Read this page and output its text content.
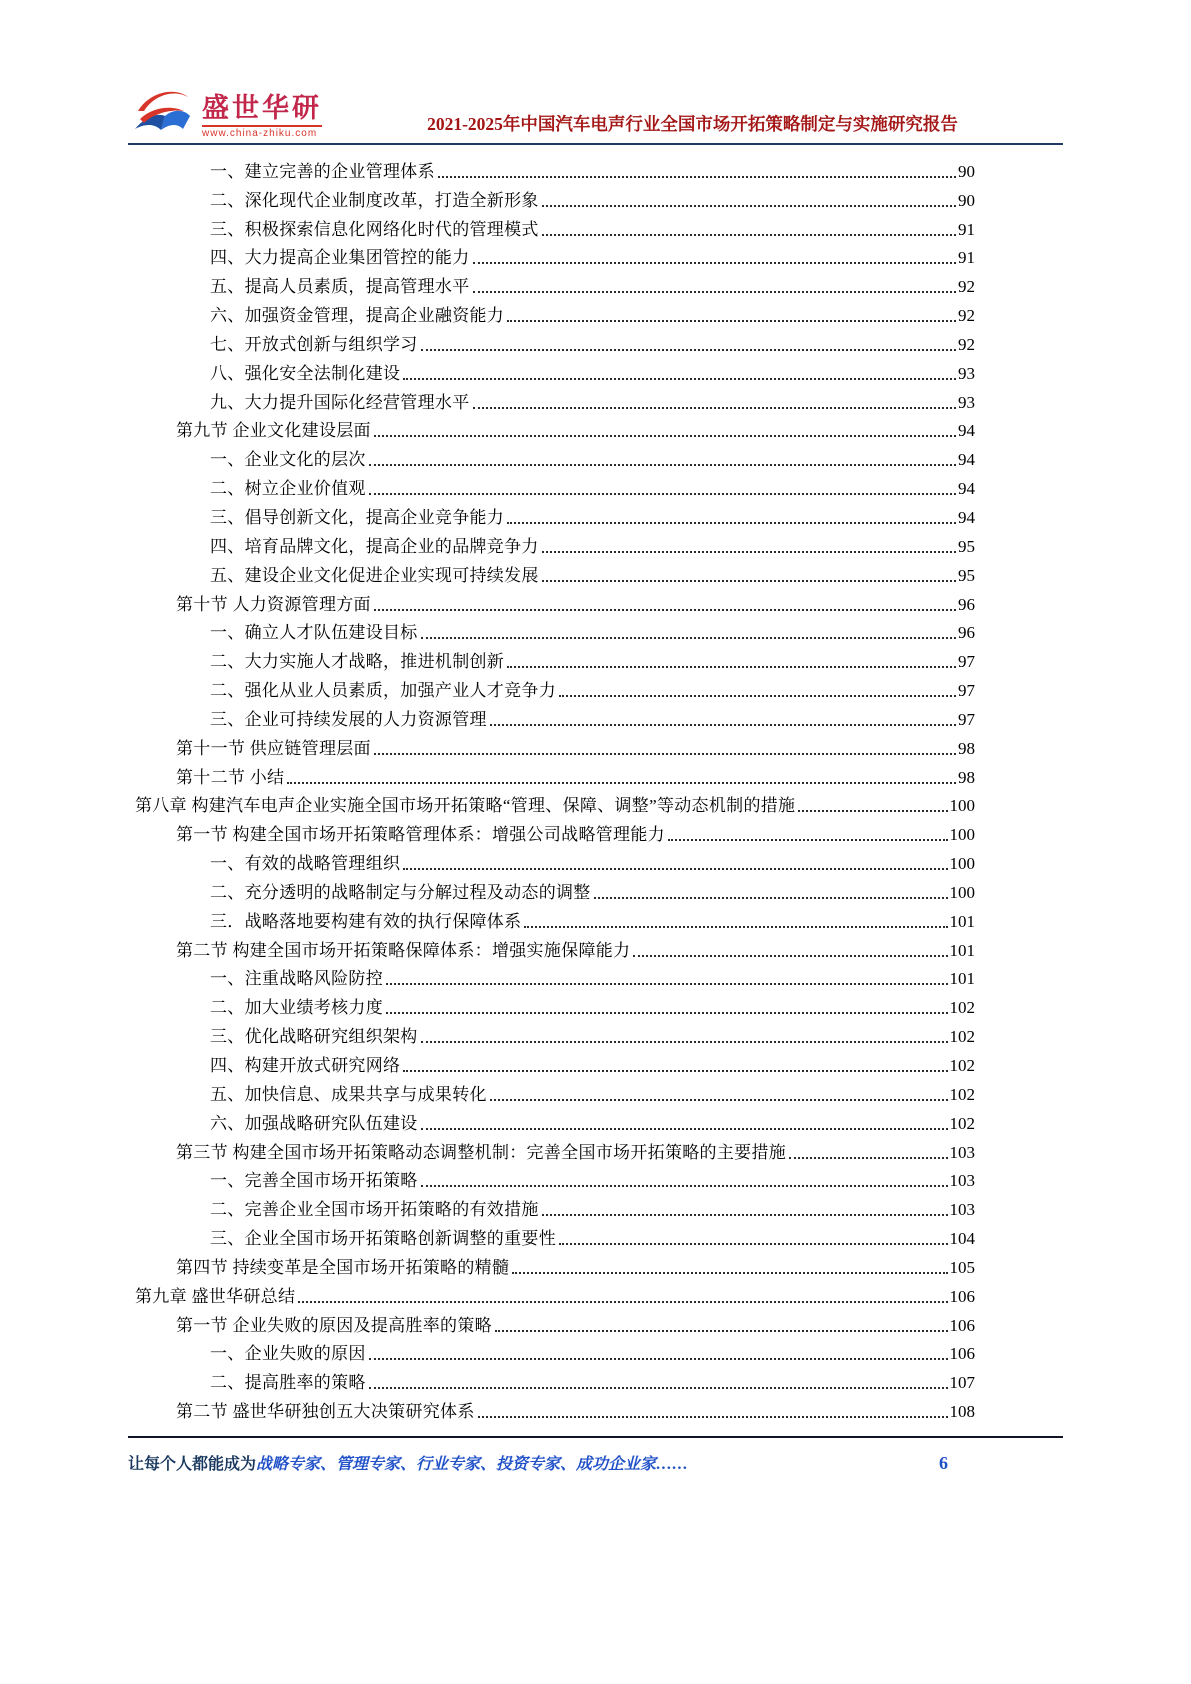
盛世华研
www.china-zhiku.com	2021-2025年中国汽车电声行业全国市场开拓策略制定与实施研究报告
一、建立完善的企业管理体系	90
二、深化现代企业制度改革，打造全新形象	90
三、积极探索信息化网络化时代的管理模式	91
四、大力提高企业集团管控的能力	91
五、提高人员素质，提高管理水平	92
六、加强资金管理，提高企业融资能力	92
七、开放式创新与组织学习	92
八、强化安全法制化建设	93
九、大力提升国际化经营管理水平	93
第九节 企业文化建设层面	94
一、企业文化的层次	94
二、树立企业价值观	94
三、倡导创新文化，提高企业竞争能力	94
四、培育品牌文化，提高企业的品牌竞争力	95
五、建设企业文化促进企业实现可持续发展	95
第十节 人力资源管理方面	96
一、确立人才队伍建设目标	96
二、大力实施人才战略，推进机制创新	97
二、强化从业人员素质，加强产业人才竞争力	97
三、企业可持续发展的人力资源管理	97
第十一节 供应链管理层面	98
第十二节 小结	98
第八章 构建汽车电声企业实施全国市场开拓策略“管理、保障、调整”等动态机制的措施	100
第一节 构建全国市场开拓策略管理体系：增强公司战略管理能力	100
一、有效的战略管理组织	100
二、充分透明的战略制定与分解过程及动态的调整	100
三．战略落地要构建有效的执行保障体系	101
第二节 构建全国市场开拓策略保障体系：增强实施保障能力	101
一、注重战略风险防控	101
二、加大业绩考核力度	102
三、优化战略研究组织架构	102
四、构建开放式研究网络	102
五、加快信息、成果共享与成果转化	102
六、加强战略研究队伍建设	102
第三节 构建全国市场开拓策略动态调整机制：完善全国市场开拓策略的主要措施	103
一、完善全国市场开拓策略	103
二、完善企业全国市场开拓策略的有效措施	103
三、企业全国市场开拓策略创新调整的重要性	104
第四节 持续变革是全国市场开拓策略的精髓	105
第九章 盛世华研总结	106
第一节 企业失败的原因及提高胜率的策略	106
一、企业失败的原因	106
二、提高胜率的策略	107
第二节 盛世华研独创五大决策研究体系	108
让每个人都能成为战略专家、管理专家、行业专家、投资专家、成功企业家……	6
